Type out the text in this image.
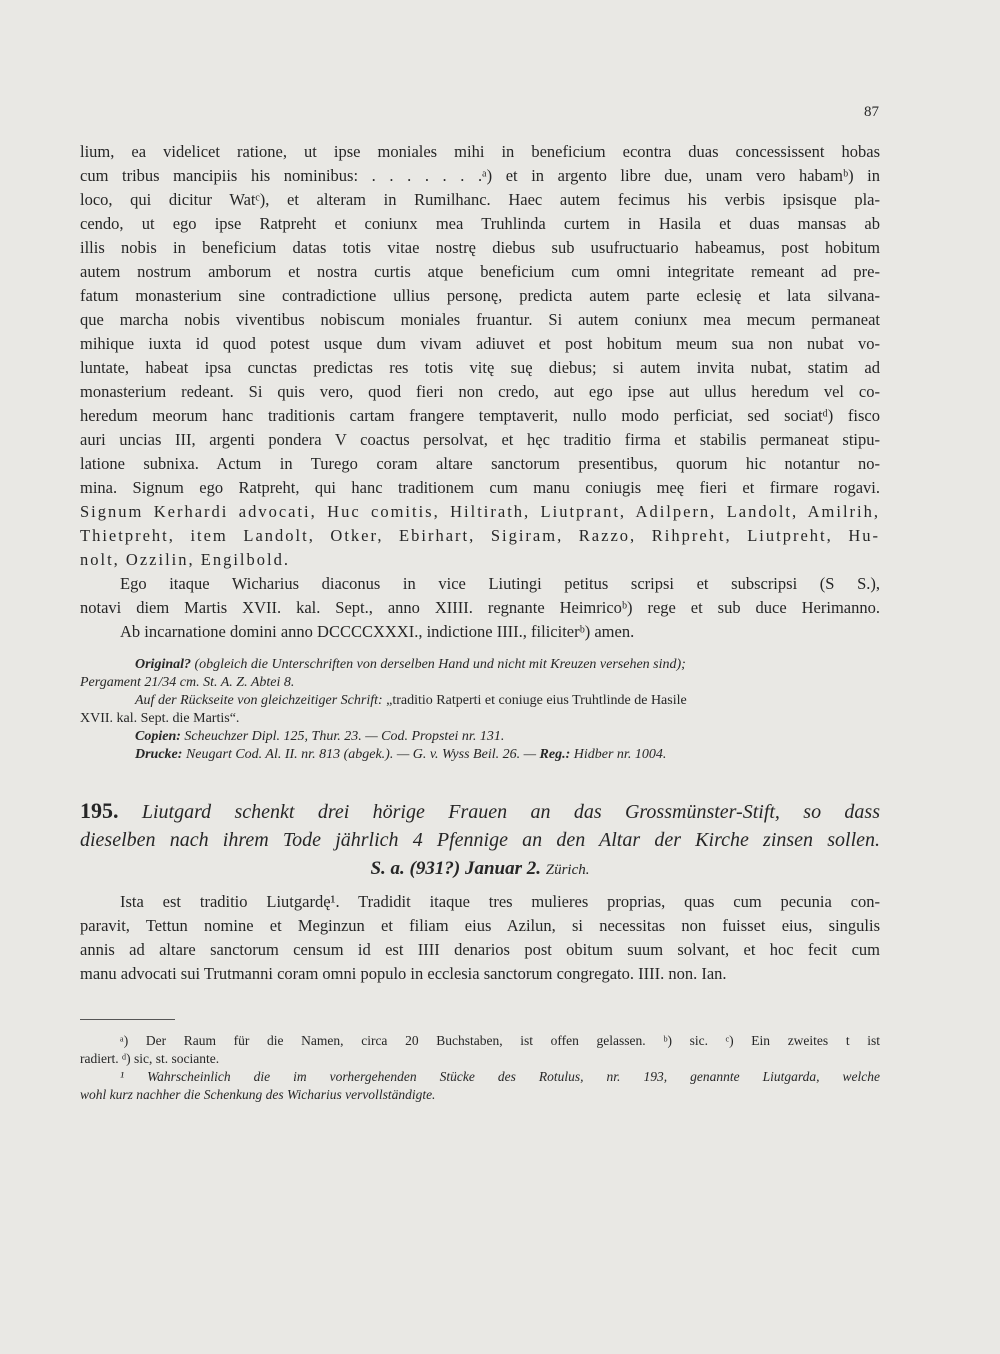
87
lium, ea videlicet ratione, ut ipse moniales mihi in beneficium econtra duas concessissent hobas
cum tribus mancipiis his nominibus: . . . . . . .ᵃ) et in argento libre due, unam vero habamᵇ) in
loco, qui dicitur Watᶜ), et alteram in Rumilhanc. Haec autem fecimus his verbis ipsisque pla-
cendo, ut ego ipse Ratpreht et coniunx mea Truhlinda curtem in Hasila et duas mansas ab
illis nobis in beneficium datas totis vitae nostrę diebus sub usufructuario habeamus, post hobitum
autem nostrum amborum et nostra curtis atque beneficium cum omni integritate remeant ad pre-
fatum monasterium sine contradictione ullius personę, predicta autem parte eclesię et lata silvana-
que marcha nobis viventibus nobiscum moniales fruantur. Si autem coniunx mea mecum permaneat
mihique iuxta id quod potest usque dum vivam adiuvet et post hobitum meum sua non nubat vo-
luntate, habeat ipsa cunctas predictas res totis vitę suę diebus; si autem invita nubat, statim ad
monasterium redeant. Si quis vero, quod fieri non credo, aut ego ipse aut ullus heredum vel co-
heredum meorum hanc traditionis cartam frangere temptaverit, nullo modo perficiat, sed sociatᵈ) fisco
auri uncias III, argenti pondera V coactus persolvat, et hęc traditio firma et stabilis permaneat stipu-
latione subnixa. Actum in Turego coram altare sanctorum presentibus, quorum hic notantur no-
mina. Signum ego Ratpreht, qui hanc traditionem cum manu coniugis meę fieri et firmare rogavi.
Signum Kerhardi advocati, Huc comitis, Hiltirath, Liutprant, Adilpern, Landolt, Amilrih,
Thietpreht, item Landolt, Otker, Ebirhart, Sigiram, Razzo, Rihpreht, Liutpreht, Hu-
nolt, Ozzilin, Engilbold.
Ego itaque Wicharius diaconus in vice Liutingi petitus scripsi et subscripsi (S S.),
notavi diem Martis XVII. kal. Sept., anno XIIII. regnante Heimricoᵇ) rege et sub duce Herimanno.
Ab incarnatione domini anno DCCCCXXXI., indictione IIII., filiciterᵇ) amen.
Original? (obgleich die Unterschriften von derselben Hand und nicht mit Kreuzen versehen sind);
Pergament 21/34 cm. St. A. Z. Abtei 8.
Auf der Rückseite von gleichzeitiger Schrift: „traditio Ratperti et coniuge eius Truhtlinde de Hasile
XVII. kal. Sept. die Martis“.
Copien: Scheuchzer Dipl. 125, Thur. 23. — Cod. Propstei nr. 131.
Drucke: Neugart Cod. Al. II. nr. 813 (abgek.). — G. v. Wyss Beil. 26. — Reg.: Hidber nr. 1004.
195. Liutgard schenkt drei hörige Frauen an das Grossmünster-Stift, so dass
dieselben nach ihrem Tode jährlich 4 Pfennige an den Altar der Kirche zinsen sollen.
S. a. (931?) Januar 2. Zürich.
Ista est traditio Liutgardę¹. Tradidit itaque tres mulieres proprias, quas cum pecunia con-
paravit, Tettun nomine et Meginzun et filiam eius Azilun, si necessitas non fuisset eius, singulis
annis ad altare sanctorum censum id est IIII denarios post obitum suum solvant, et hoc fecit cum
manu advocati sui Trutmanni coram omni populo in ecclesia sanctorum congregato. IIII. non. Ian.
ᵃ) Der Raum für die Namen, circa 20 Buchstaben, ist offen gelassen. ᵇ) sic. ᶜ) Ein zweites t ist
radiert. ᵈ) sic, st. sociante.
¹ Wahrscheinlich die im vorhergehenden Stücke des Rotulus, nr. 193, genannte Liutgarda, welche
wohl kurz nachher die Schenkung des Wicharius vervollständigte.
